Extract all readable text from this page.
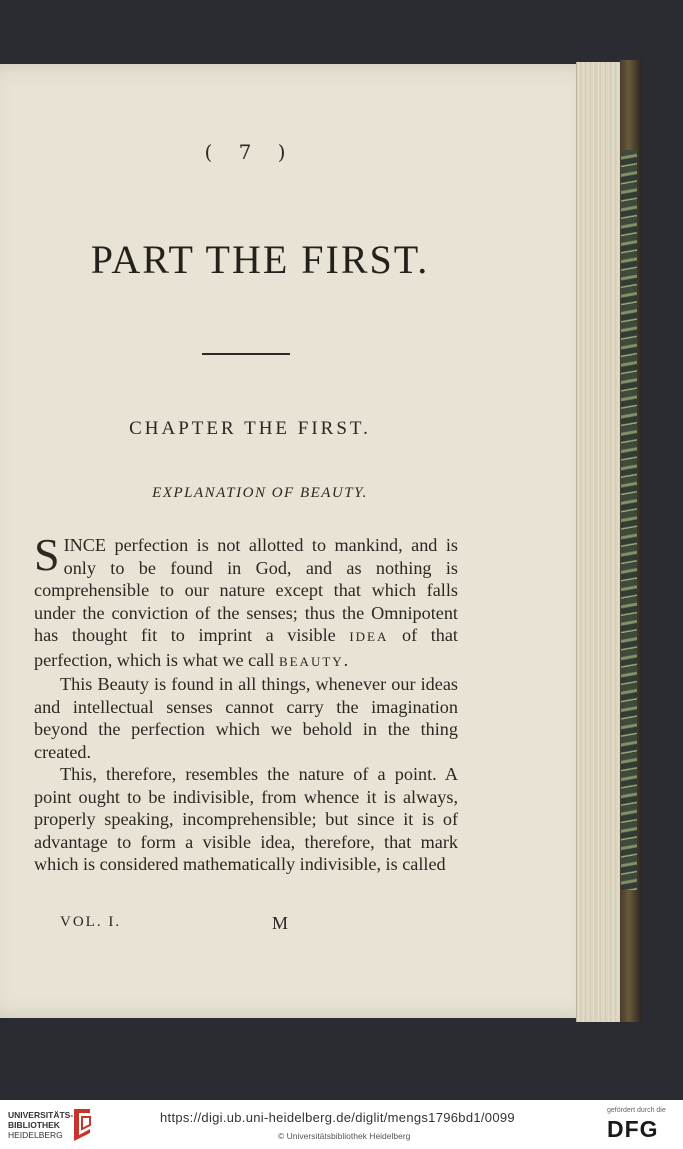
( 7 )
PART THE FIRST.
CHAPTER THE FIRST.
EXPLANATION OF BEAUTY.

SINCE perfection is not allotted to mankind, and is only to be found in God, and as nothing is comprehensible to our nature except that which falls under the conviction of the senses; thus the Omnipotent has thought fit to imprint a visible IDEA of that perfection, which is what we call BEAUTY.

This Beauty is found in all things, whenever our ideas and intellectual senses cannot carry the imagination beyond the perfection which we behold in the thing created.

This, therefore, resembles the nature of a point. A point ought to be indivisible, from whence it is always, properly speaking, incomprehensible; but since it is of advantage to form a visible idea, therefore, that mark which is considered mathematically indivisible, is called

VOL. I.	M
UNIVERSITÄTS-
BIBLIOTHEK
HEIDELBERG
https://digi.ub.uni-heidelberg.de/diglit/mengs1796bd1/0099
© Universitätsbibliothek Heidelberg
gefördert durch die
DFG
